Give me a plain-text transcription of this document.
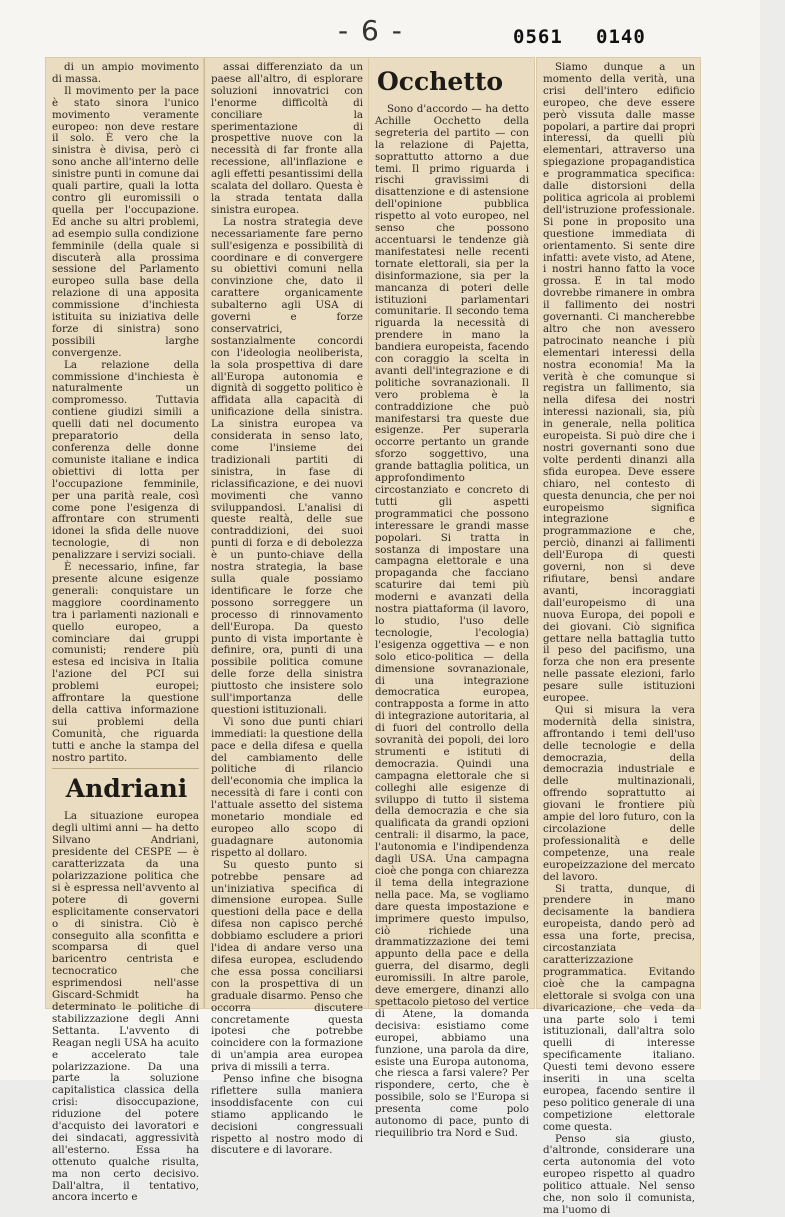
- 6 -	0561 0140

di un ampio movimento di massa.

Il movimento per la pace è stato sinora l'unico movimento veramente europeo: non deve restare il solo. È vero che la sinistra è divisa, però ci sono anche all'interno delle sinistre punti in comune dai quali partire, quali la lotta contro gli euromissili o quella per l'occupazione. Ed anche su altri problemi, ad esempio sulla condizione femminile (della quale si discuterà alla prossima sessione del Parlamento europeo sulla base della relazione di una apposita commissione d'inchiesta istituita su iniziativa delle forze di sinistra) sono possibili larghe convergenze.

La relazione della commissione d'inchiesta è naturalmente un compromesso. Tuttavia contiene giudizi simili a quelli dati nel documento preparatorio della conferenza delle donne comuniste italiane e indica obiettivi di lotta per l'occupazione femminile, per una parità reale, così come pone l'esigenza di affrontare con strumenti idonei la sfida delle nuove tecnologie, di non penalizzare i servizi sociali.

È necessario, infine, far presente alcune esigenze generali: conquistare un maggiore coordinamento tra i parlamenti nazionali e quello europeo, a cominciare dai gruppi comunisti; rendere più estesa ed incisiva in Italia l'azione del PCI sui problemi europei; affrontare la questione della cattiva informazione sui problemi della Comunità, che riguarda tutti e anche la stampa del nostro partito.

Andriani

La situazione europea degli ultimi anni — ha detto Silvano Andriani, presidente del CESPE — è caratterizzata da una polarizzazione politica che si è espressa nell'avvento al potere di governi esplicitamente conservatori o di sinistra. Ciò è conseguito alla sconfitta e scomparsa di quel baricentro centrista e tecnocratico che esprimendosi nell'asse Giscard-Schmidt ha determinato le politiche di stabilizzazione degli Anni Settanta. L'avvento di Reagan negli USA ha acuito e accelerato tale polarizzazione. Da una parte la soluzione capitalistica classica della crisi: disoccupazione, riduzione del potere d'acquisto dei lavoratori e dei sindacati, aggressività all'esterno. Essa ha ottenuto qualche risulta, ma non certo decisivo. Dall'altra, il tentativo, ancora incerto e

assai differenziato da un paese all'altro, di esplorare soluzioni innovatrici con l'enorme difficoltà di conciliare la sperimentazione di prospettive nuove con la necessità di far fronte alla recessione, all'inflazione e agli effetti pesantissimi della scalata del dollaro. Questa è la strada tentata dalla sinistra europea.

La nostra strategia deve necessariamente fare perno sull'esigenza e possibilità di coordinare e di convergere su obiettivi comuni nella convinzione che, dato il carattere organicamente subalterno agli USA di governi e forze conservatrici, sostanzialmente concordi con l'ideologia neoliberista, la sola prospettiva di dare all'Europa autonomia e dignità di soggetto politico è affidata alla capacità di unificazione della sinistra. La sinistra europea va considerata in senso lato, come l'insieme dei tradizionali partiti di sinistra, in fase di riclassificazione, e dei nuovi movimenti che vanno sviluppandosi. L'analisi di queste realtà, delle sue contraddizioni, dei suoi punti di forza e di debolezza è un punto-chiave della nostra strategia, la base sulla quale possiamo identificare le forze che possono sorreggere un processo di rinnovamento dell'Europa. Da questo punto di vista importante è definire, ora, punti di una possibile politica comune delle forze della sinistra piuttosto che insistere solo sull'importanza delle questioni istituzionali.

Vi sono due punti chiari immediati: la questione della pace e della difesa e quella del cambiamento delle politiche di rilancio dell'economia che implica la necessità di fare i conti con l'attuale assetto del sistema monetario mondiale ed europeo allo scopo di guadagnare autonomia rispetto al dollaro.

Su questo punto si potrebbe pensare ad un'iniziativa specifica di dimensione europea. Sulle questioni della pace e della difesa non capisco perché dobbiamo escludere a priori l'idea di andare verso una difesa europea, escludendo che essa possa conciliarsi con la prospettiva di un graduale disarmo. Penso che occorra discutere concretamente questa ipotesi che potrebbe coincidere con la formazione di un'ampia area europea priva di missili a terra.

Penso infine che bisogna riflettere sulla maniera insoddisfacente con cui stiamo applicando le decisioni congressuali rispetto al nostro modo di discutere e di lavorare.

Occhetto

Sono d'accordo — ha detto Achille Occhetto della segreteria del partito — con la relazione di Pajetta, soprattutto attorno a due temi. Il primo riguarda i rischi gravissimi di disattenzione e di astensione dell'opinione pubblica rispetto al voto europeo, nel senso che possono accentuarsi le tendenze già manifestatesi nelle recenti tornate elettorali, sia per la disinformazione, sia per la mancanza di poteri delle istituzioni parlamentari comunitarie. Il secondo tema riguarda la necessità di prendere in mano la bandiera europeista, facendo con coraggio la scelta in avanti dell'integrazione e di politiche sovranazionali. Il vero problema è la contraddizione che può manifestarsi tra queste due esigenze. Per superarla occorre pertanto un grande sforzo soggettivo, una grande battaglia politica, un approfondimento circostanziato e concreto di tutti gli aspetti programmatici che possono interessare le grandi masse popolari. Si tratta in sostanza di impostare una campagna elettorale e una propaganda che facciano scaturire dai temi più moderni e avanzati della nostra piattaforma (il lavoro, lo studio, l'uso delle tecnologie, l'ecologia) l'esigenza oggettiva — e non solo etico-politica — della dimensione sovranazionale, di una integrazione democratica europea, contrapposta a forme in atto di integrazione autoritaria, al di fuori del controllo della sovranità dei popoli, dei loro strumenti e istituti di democrazia. Quindi una campagna elettorale che si colleghi alle esigenze di sviluppo di tutto il sistema della democrazia e che sia qualificata da grandi opzioni centrali: il disarmo, la pace, l'autonomia e l'indipendenza dagli USA. Una campagna cioè che ponga con chiarezza il tema della integrazione nella pace. Ma, se vogliamo dare questa impostazione e imprimere questo impulso, ciò richiede una drammatizzazione dei temi appunto della pace e della guerra, del disarmo, degli euromissili. In altre parole, deve emergere, dinanzi allo spettacolo pietoso del vertice di Atene, la domanda decisiva: esistiamo come europei, abbiamo una funzione, una parola da dire, esiste una Europa autonoma, che riesca a farsi valere? Per rispondere, certo, che è possibile, solo se l'Europa si presenta come polo autonomo di pace, punto di riequilibrio tra Nord e Sud.

Siamo dunque a un momento della verità, una crisi dell'intero edificio europeo, che deve essere però vissuta dalle masse popolari, a partire dai propri interessi, da quelli più elementari, attraverso una spiegazione propagandistica e programmatica specifica: dalle distorsioni della politica agricola ai problemi dell'istruzione professionale. Si pone in proposito una questione immediata di orientamento. Si sente dire infatti: avete visto, ad Atene, i nostri hanno fatto la voce grossa. E in tal modo dovrebbe rimanere in ombra il fallimento dei nostri governanti. Ci mancherebbe altro che non avessero patrocinato neanche i più elementari interessi della nostra economia! Ma la verità è che comunque si registra un fallimento, sia nella difesa dei nostri interessi nazionali, sia, più in generale, nella politica europeista. Si può dire che i nostri governanti sono due volte perdenti dinanzi alla sfida europea. Deve essere chiaro, nel contesto di questa denuncia, che per noi europeismo significa integrazione e programmazione e che, perciò, dinanzi ai fallimenti dell'Europa di questi governi, non si deve rifiutare, bensì andare avanti, incoraggiati dall'europeismo di una nuova Europa, dei popoli e dei giovani. Ciò significa gettare nella battaglia tutto il peso del pacifismo, una forza che non era presente nelle passate elezioni, farlo pesare sulle istituzioni europee.

Qui si misura la vera modernità della sinistra, affrontando i temi dell'uso delle tecnologie e della democrazia, della democrazia industriale e delle multinazionali, offrendo soprattutto ai giovani le frontiere più ampie del loro futuro, con la circolazione delle professionalità e delle competenze, una reale europeizzazione del mercato del lavoro.

Si tratta, dunque, di prendere in mano decisamente la bandiera europeista, dando però ad essa una forte, precisa, circostanziata caratterizzazione programmatica. Evitando cioè che la campagna elettorale si svolga con una divaricazione, che veda da una parte solo i temi istituzionali, dall'altra solo quelli di interesse specificamente italiano. Questi temi devono essere inseriti in una scelta europea, facendo sentire il peso politico generale di una competizione elettorale come questa.

Penso sia giusto, d'altronde, considerare una certa autonomia del voto europeo rispetto al quadro politico attuale. Nel senso che, non solo il comunista, ma l'uomo di
